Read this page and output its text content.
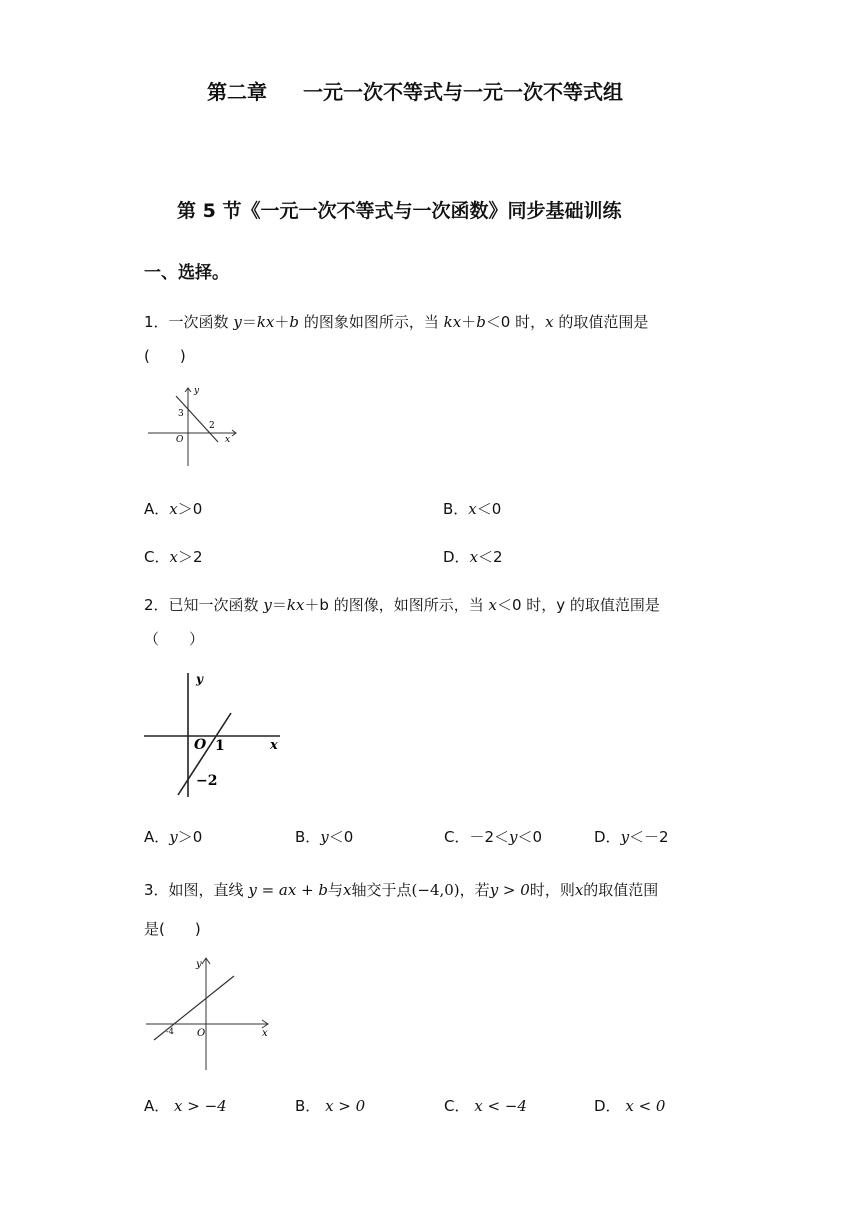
第二章 一元一次不等式与一元一次不等式组
第 5 节《一元一次不等式与一次函数》同步基础训练
一、选择。
1．一次函数 y＝kx＋b 的图象如图所示，当 kx＋b＜0 时，x 的取值范围是
(　　)
y
x
O
3
2
A．x＞0	B．x＜0
C．x＞2	D．x＜2
2．已知一次函数 y＝kx＋b 的图像，如图所示，当 x＜0 时，y 的取值范围是
（　　）
y
x
O 1
−2
A．y＞0	B．y＜0	C．－2＜y＜0	D．y＜－2
3．如图，直线 y = ax + b与x轴交于点(−4,0)，若y > 0时，则x的取值范围
是(　　)
y
x
O
-4
A． x > −4	B． x > 0	C． x < −4	D． x < 0
